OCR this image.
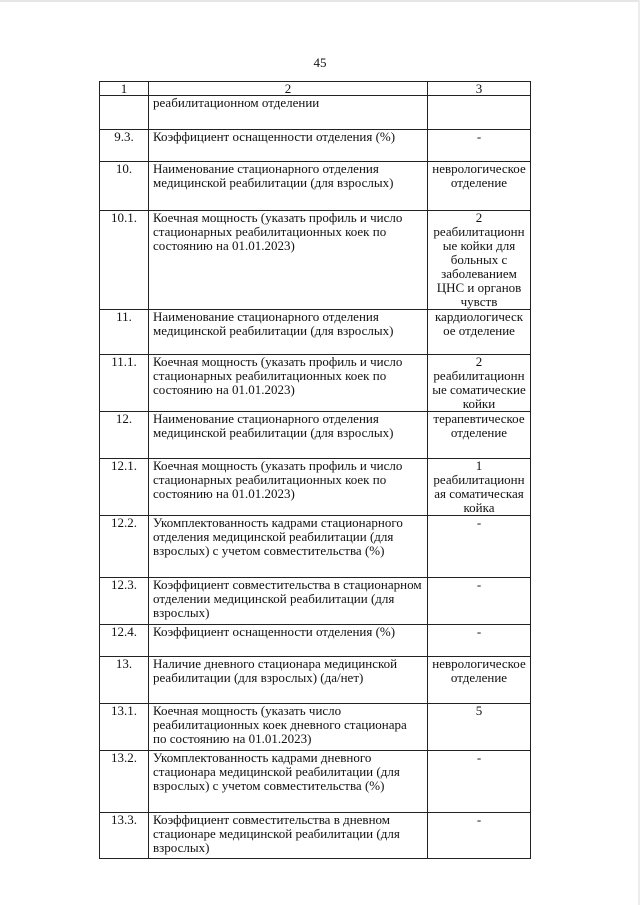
45
1	2	3
	реабилитационном отделении	
9.3.	Коэффициент оснащенности отделения (%)	-
10.	Наименование стационарного отделения медицинской реабилитации (для взрослых)	неврологическое отделение
10.1.	Коечная мощность (указать профиль и число стационарных реабилитационных коек по состоянию на 01.01.2023)	2 реабилитационные койки для больных с заболеванием ЦНС и органов чувств
11.	Наименование стационарного отделения медицинской реабилитации (для взрослых)	кардиологическое отделение
11.1.	Коечная мощность (указать профиль и число стационарных реабилитационных коек по состоянию на 01.01.2023)	2 реабилитационные соматические койки
12.	Наименование стационарного отделения медицинской реабилитации (для взрослых)	терапевтическое отделение
12.1.	Коечная мощность (указать профиль и число стационарных реабилитационных коек по состоянию на 01.01.2023)	1 реабилитационная соматическая койка
12.2.	Укомплектованность кадрами стационарного отделения медицинской реабилитации (для взрослых) с учетом совместительства (%)	-
12.3.	Коэффициент совместительства в стационарном отделении медицинской реабилитации (для взрослых)	-
12.4.	Коэффициент оснащенности отделения (%)	-
13.	Наличие дневного стационара медицинской реабилитации (для взрослых) (да/нет)	неврологическое отделение
13.1.	Коечная мощность (указать число реабилитационных коек дневного стационара по состоянию на 01.01.2023)	5
13.2.	Укомплектованность кадрами дневного стационара медицинской реабилитации (для взрослых) с учетом совместительства (%)	-
13.3.	Коэффициент совместительства в дневном стационаре медицинской реабилитации (для взрослых)	-
